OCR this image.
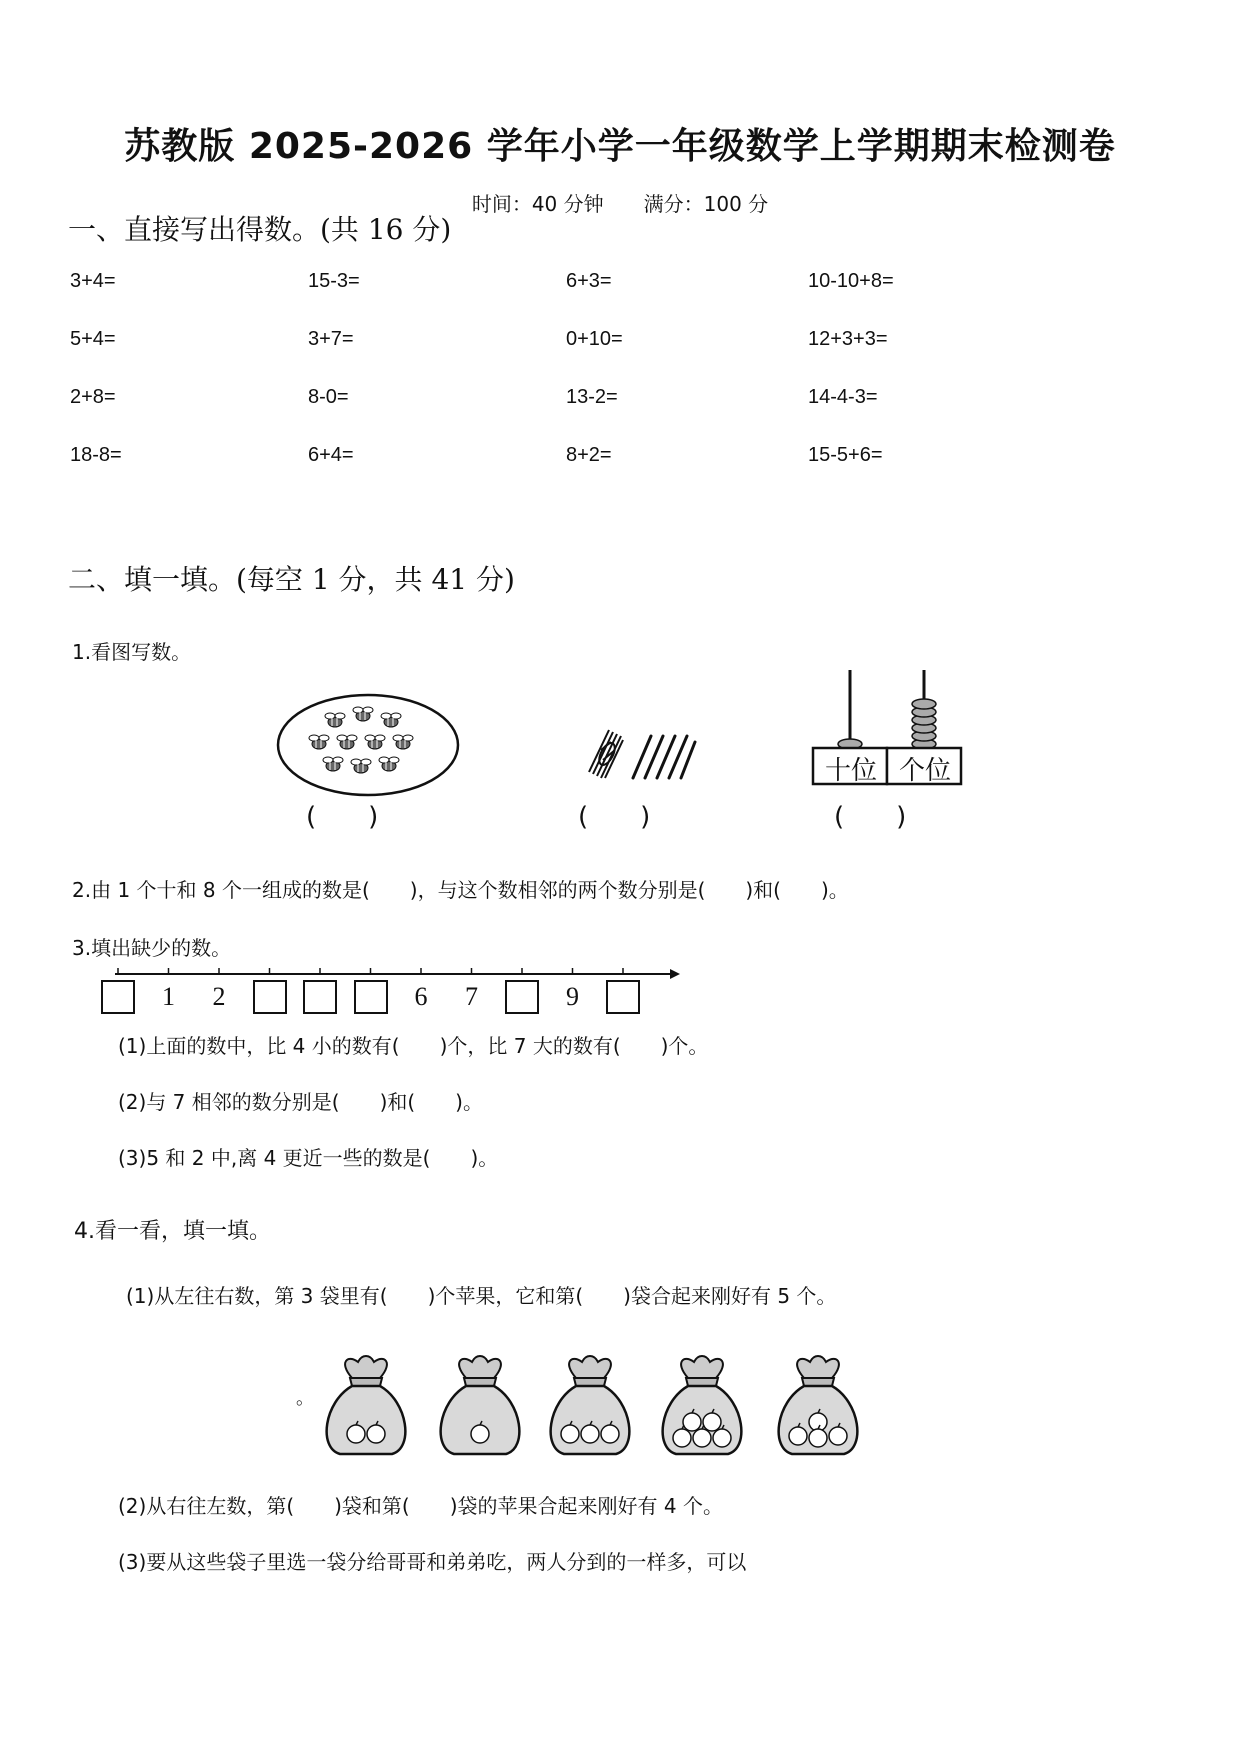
苏教版 2025-2026 学年小学一年级数学上学期期末检测卷
时间：40 分钟　　满分：100 分
一、直接写出得数。(共 16 分)
3+4=	15-3=	6+3=	10-10+8=
5+4=	3+7=	0+10=	12+3+3=
2+8=	8-0=	13-2=	14-4-3=
18-8=	6+4=	8+2=	15-5+6=
二、填一填。(每空 1 分，共 41 分)
1.看图写数。
十位 个位
(　　)	(　　)	(　　)
2.由 1 个十和 8 个一组成的数是(　　)，与这个数相邻的两个数分别是(　　)和(　　)。
3.填出缺少的数。
1	2	6	7	9
(1)上面的数中，比 4 小的数有(　　)个，比 7 大的数有(　　)个。
(2)与 7 相邻的数分别是(　　)和(　　)。
(3)5 和 2 中,离 4 更近一些的数是(　　)。
4.看一看，填一填。
(1)从左往右数，第 3 袋里有(　　)个苹果，它和第(　　)袋合起来刚好有 5 个。
。
(2)从右往左数，第(　　)袋和第(　　)袋的苹果合起来刚好有 4 个。
(3)要从这些袋子里选一袋分给哥哥和弟弟吃，两人分到的一样多，可以
